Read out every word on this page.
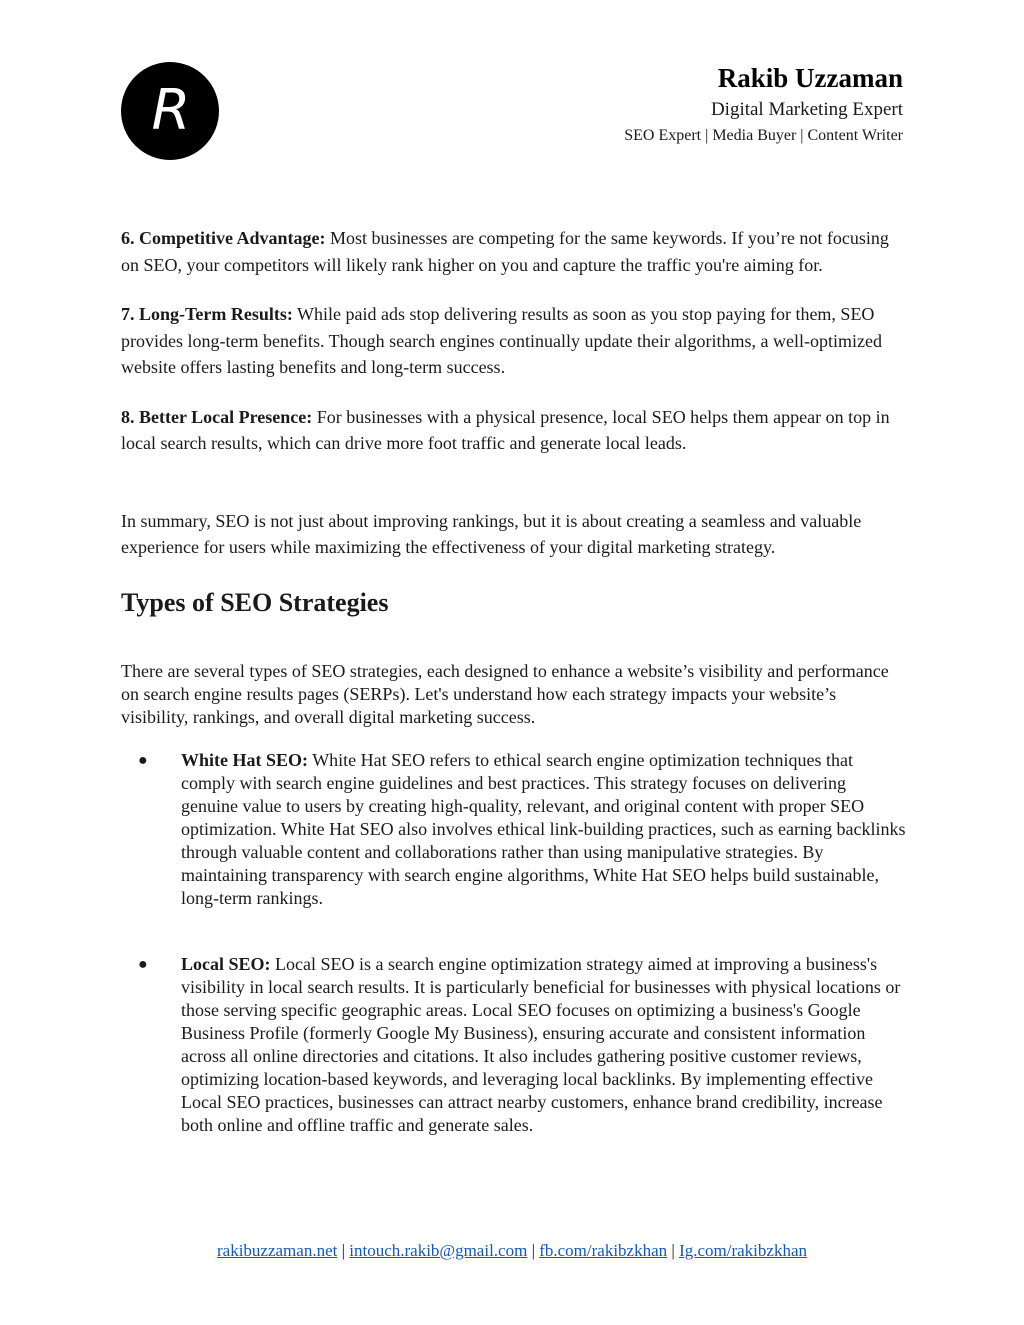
R	Rakib Uzzaman
Digital Marketing Expert
SEO Expert | Media Buyer | Content Writer

6. Competitive Advantage: Most businesses are competing for the same keywords. If you’re not focusing on SEO, your competitors will likely rank higher on you and capture the traffic you're aiming for.

7. Long-Term Results: While paid ads stop delivering results as soon as you stop paying for them, SEO provides long-term benefits. Though search engines continually update their algorithms, a well-optimized website offers lasting benefits and long-term success.

8. Better Local Presence: For businesses with a physical presence, local SEO helps them appear on top in local search results, which can drive more foot traffic and generate local leads.

In summary, SEO is not just about improving rankings, but it is about creating a seamless and valuable experience for users while maximizing the effectiveness of your digital marketing strategy.

Types of SEO Strategies

There are several types of SEO strategies, each designed to enhance a website’s visibility and performance on search engine results pages (SERPs). Let's understand how each strategy impacts your website’s visibility, rankings, and overall digital marketing success.

● White Hat SEO: White Hat SEO refers to ethical search engine optimization techniques that comply with search engine guidelines and best practices. This strategy focuses on delivering genuine value to users by creating high-quality, relevant, and original content with proper SEO optimization. White Hat SEO also involves ethical link-building practices, such as earning backlinks through valuable content and collaborations rather than using manipulative strategies. By maintaining transparency with search engine algorithms, White Hat SEO helps build sustainable, long-term rankings.
● Local SEO: Local SEO is a search engine optimization strategy aimed at improving a business's visibility in local search results. It is particularly beneficial for businesses with physical locations or those serving specific geographic areas. Local SEO focuses on optimizing a business's Google Business Profile (formerly Google My Business), ensuring accurate and consistent information across all online directories and citations. It also includes gathering positive customer reviews, optimizing location-based keywords, and leveraging local backlinks. By implementing effective Local SEO practices, businesses can attract nearby customers, enhance brand credibility, increase both online and offline traffic and generate sales.
rakibuzzaman.net | intouch.rakib@gmail.com | fb.com/rakibzkhan | Ig.com/rakibzkhan
